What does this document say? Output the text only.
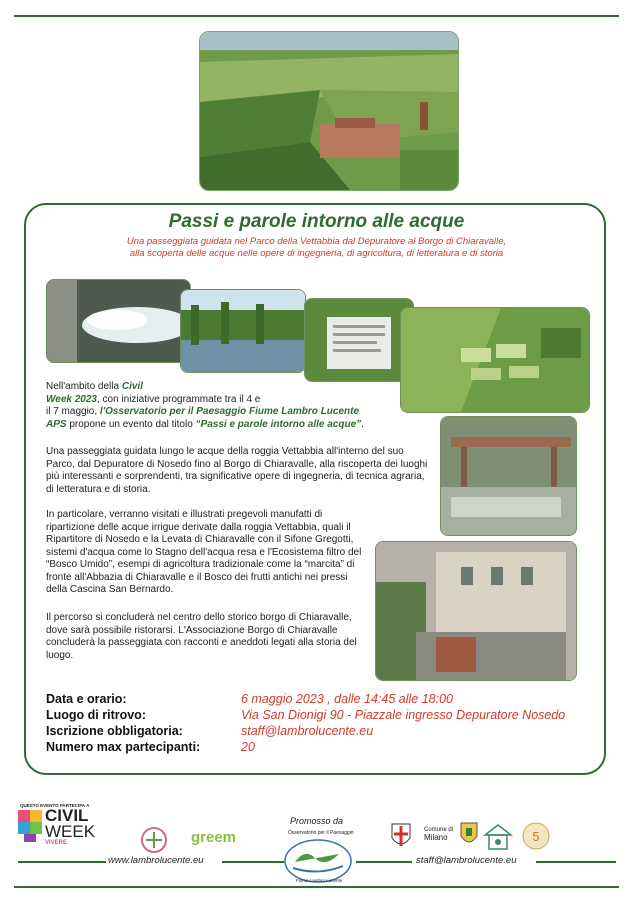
Passi e parole intorno alle acque
Una passeggiata guidata nel Parco della Vettabbia dal Depuratore al Borgo di Chiaravalle,
alla scoperta delle acque nelle opere di ingegneria, di agricoltura, di letteratura e di storia
Nell'ambito della Civil
Week 2023, con iniziative programmate tra il 4 e
il 7 maggio, l'Osservatorio per il Paesaggio Fiume Lambro Lucente
APS propone un evento dal titolo “Passi e parole intorno alle acque”.
Una passeggiata guidata lungo le acque della roggia Vettabbia all'interno del suo Parco, dal Depuratore di Nosedo fino al Borgo di Chiaravalle, alla riscoperta dei luoghi più interessanti e sorprendenti, tra significative opere di ingegneria, di tecnica agraria, di letteratura e di storia.
In particolare, verranno visitati e illustrati pregevoli manufatti di ripartizione delle acque irrigue derivate dalla roggia Vettabbia, quali il Ripartitore di Nosedo e la Levata di Chiaravalle con il Sifone Gregotti, sistemi d'acqua come lo Stagno dell'acqua resa e l'Ecosistema filtro del “Bosco Umido”, esempi di agricoltura tradizionale come la “marcita” di fronte all'Abbazia di Chiaravalle e il Bosco dei frutti antichi nei pressi della Cascina San Bernardo.
Il percorso si concluderà nel centro dello storico borgo di Chiaravalle, dove sarà possibile ristorarsi. L'Associazione Borgo di Chiaravalle concluderà la passeggiata con racconti e aneddoti legati alla storia del luogo.
Data e orario:	6 maggio 2023 , dalle 14:45 alle 18:00
Luogo di ritrovo:	Via San Dionigi 90 - Piazzale ingresso Depuratore Nosedo
Iscrizione obbligatoria:	staff@lambrolucente.eu
Numero max partecipanti:	20
QUESTO EVENTO PARTECIPA A
CIVIL
WEEK
VIVERE	greem
Promosso da
Osservatorio per il Paesaggio
Fiume Lambro Lucente
Comune di
Milano	5
www.lambrolucente.eu	staff@lambrolucente.eu
